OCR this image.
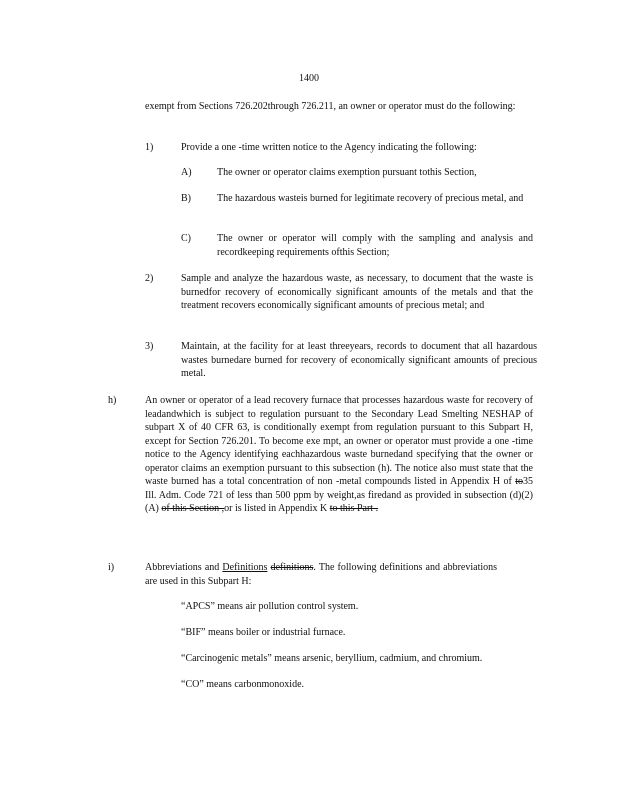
1400

exempt from Sections 726.202through 726.211, an owner or operator must do the following:

1)	Provide a one -time written notice to the Agency indicating the following:

A)	The owner or operator claims exemption pursuant tothis Section,

B)	The hazardous wasteis burned for legitimate recovery of precious metal, and

C)	The owner or operator will comply with the sampling and analysis and recordkeeping requirements ofthis Section;

2)	Sample and analyze the hazardous waste, as necessary, to document that the waste is burnedfor recovery of economically significant amounts of the metals and that the treatment recovers economically significant amounts of precious metal; and

3)	Maintain, at the facility for at least threeyears, records to document that all hazardous wastes burnedare burned for recovery of economically significant amounts of precious metal.

h)	An owner or operator of a lead recovery furnace that processes hazardous waste for recovery of leadandwhich is subject to regulation pursuant to the Secondary Lead Smelting NESHAP of subpart X of 40 CFR 63, is conditionally exempt from regulation pursuant to this Subpart H, except for Section 726.201. To become exe mpt, an owner or operator must provide a one -time notice to the Agency identifying eachhazardous waste burnedand specifying that the owner or operator claims an exemption pursuant to this subsection (h). The notice also must state that the waste burned has a total concentration of non -metal compounds listed in Appendix H of to35 Ill. Adm. Code 721 of less than 500 ppm by weight,as firedand as provided in subsection (d)(2)(A) of this Section ,or is listed in Appendix K to this Part .

i)	Abbreviations and Definitions definitions. The following definitions and abbreviations are used in this Subpart H:

“APCS” means air pollution control system.

“BIF” means boiler or industrial furnace.

“Carcinogenic metals” means arsenic, beryllium, cadmium, and chromium.

“CO” means carbonmonoxide.
